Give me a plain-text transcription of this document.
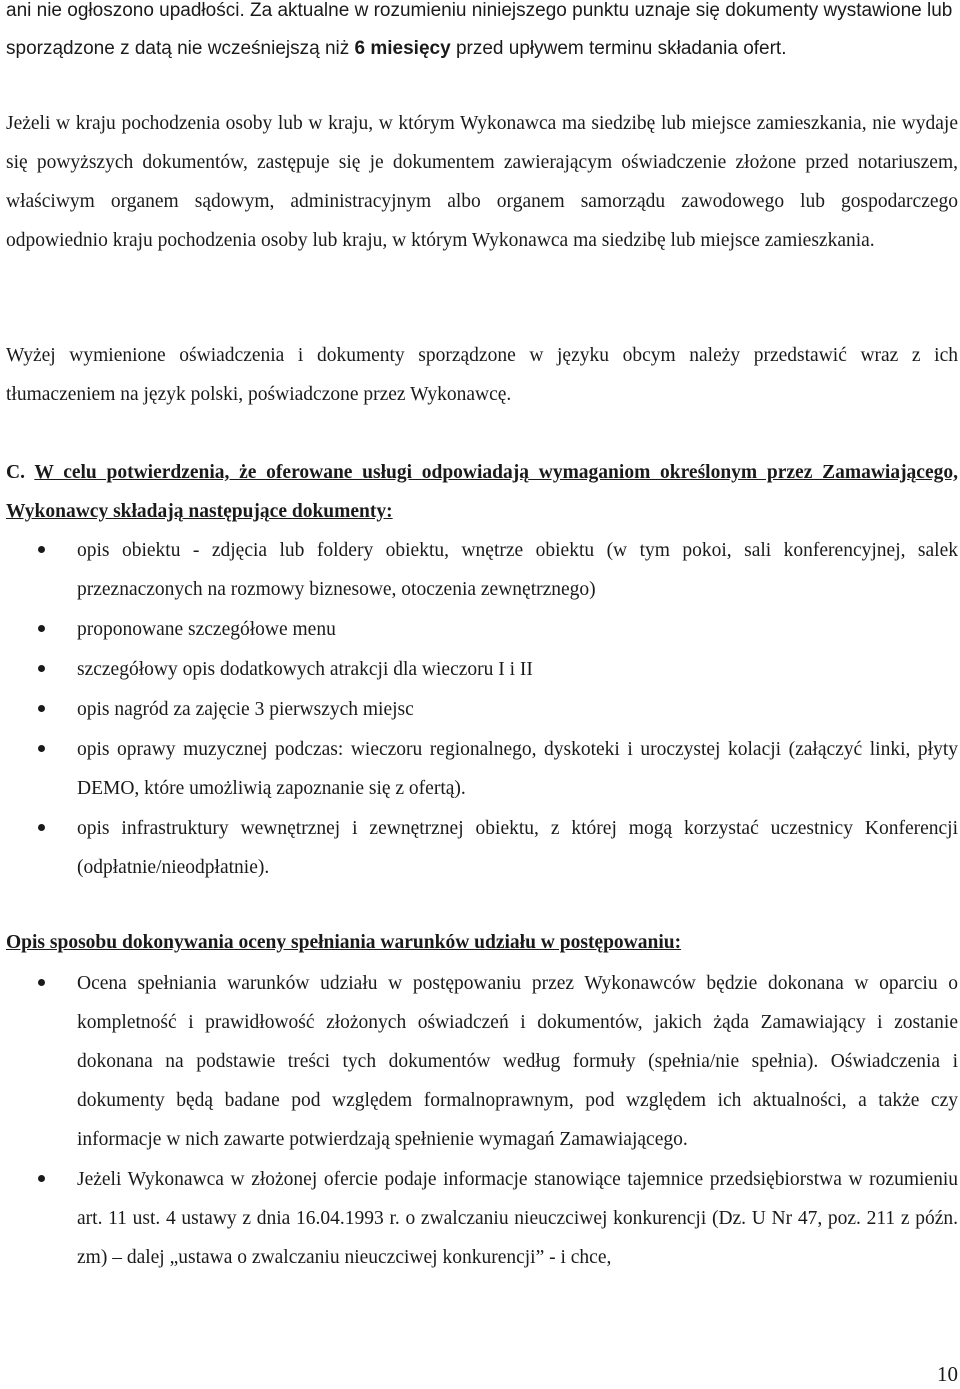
ani nie ogłoszono upadłości. Za aktualne w rozumieniu niniejszego punktu uznaje się dokumenty wystawione lub sporządzone z datą nie wcześniejszą niż 6 miesięcy przed upływem terminu składania ofert.
Jeżeli w kraju pochodzenia osoby lub w kraju, w którym Wykonawca ma siedzibę lub miejsce zamieszkania, nie wydaje się powyższych dokumentów, zastępuje się je dokumentem zawierającym oświadczenie złożone przed notariuszem, właściwym organem sądowym, administracyjnym albo organem samorządu zawodowego lub gospodarczego odpowiednio kraju pochodzenia osoby lub kraju, w którym Wykonawca ma siedzibę lub miejsce zamieszkania.
Wyżej wymienione oświadczenia i dokumenty sporządzone w języku obcym należy przedstawić wraz z ich tłumaczeniem na język polski, poświadczone przez Wykonawcę.
C. W celu potwierdzenia, że oferowane usługi odpowiadają wymaganiom określonym przez Zamawiającego, Wykonawcy składają następujące dokumenty:
opis obiektu - zdjęcia lub foldery obiektu, wnętrze obiektu (w tym pokoi, sali konferencyjnej, salek przeznaczonych na rozmowy biznesowe, otoczenia zewnętrznego)
proponowane szczegółowe menu
szczegółowy opis dodatkowych atrakcji dla wieczoru I i II
opis nagród za zajęcie 3 pierwszych miejsc
opis oprawy muzycznej podczas: wieczoru regionalnego, dyskoteki i uroczystej kolacji (załączyć linki, płyty DEMO, które umożliwią zapoznanie się z ofertą).
opis infrastruktury wewnętrznej i zewnętrznej obiektu, z której mogą korzystać uczestnicy Konferencji (odpłatnie/nieodpłatnie).
Opis sposobu dokonywania oceny spełniania warunków udziału w postępowaniu:
Ocena spełniania warunków udziału w postępowaniu przez Wykonawców będzie dokonana w oparciu o kompletność i prawidłowość złożonych oświadczeń i dokumentów, jakich żąda Zamawiający i zostanie dokonana na podstawie treści tych dokumentów według formuły (spełnia/nie spełnia). Oświadczenia i dokumenty będą badane pod względem formalnoprawnym, pod względem ich aktualności, a także czy informacje w nich zawarte potwierdzają spełnienie wymagań Zamawiającego.
Jeżeli Wykonawca w złożonej ofercie podaje informacje stanowiące tajemnice przedsiębiorstwa w rozumieniu art. 11 ust. 4 ustawy z dnia 16.04.1993 r. o zwalczaniu nieuczciwej konkurencji (Dz. U Nr 47, poz. 211 z późn. zm) – dalej „ustawa o zwalczaniu nieuczciwej konkurencji” - i chce,
10
